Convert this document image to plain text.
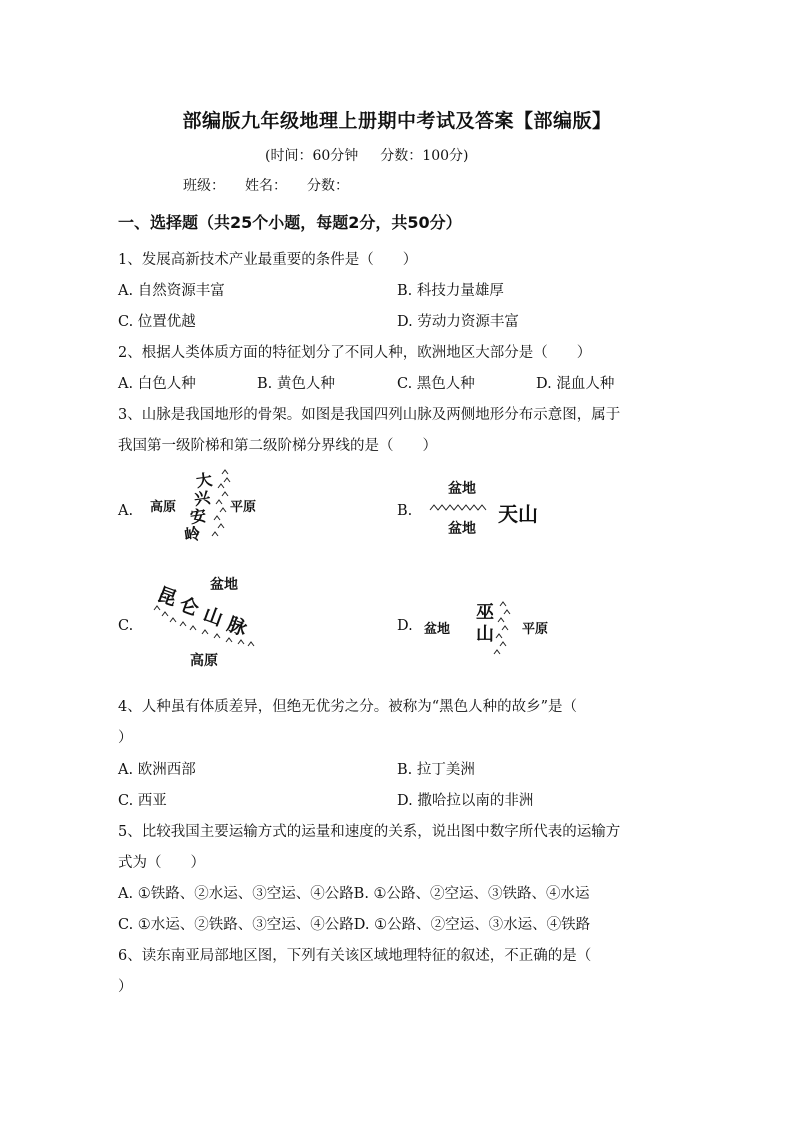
部编版九年级地理上册期中考试及答案【部编版】
(时间：60分钟 分数：100分)
班级： 姓名： 分数：
一、选择题（共25个小题，每题2分，共50分）
1、发展高新技术产业最重要的条件是（　　）
A. 自然资源丰富	B. 科技力量雄厚
C. 位置优越	D. 劳动力资源丰富
2、根据人类体质方面的特征划分了不同人种，欧洲地区大部分是（　　）
A. 白色人种	B. 黄色人种	C. 黑色人种	D. 混血人种
3、山脉是我国地形的骨架。如图是我国四列山脉及两侧地形分布示意图，属于
我国第一级阶梯和第二级阶梯分界线的是（　　）
A.	B.
C.	D.
高原	平原
大
兴
安
岭
盆地
盆地
天山
盆地
高原
昆
仑
山
脉	盆地	平原
巫
山
4、人种虽有体质差异，但绝无优劣之分。被称为“黑色人种的故乡”是（
）
A. 欧洲西部	B. 拉丁美洲
C. 西亚	D. 撒哈拉以南的非洲
5、比较我国主要运输方式的运量和速度的关系，说出图中数字所代表的运输方
式为（　　）
A. ①铁路、②水运、③空运、④公路B. ①公路、②空运、③铁路、④水运
C. ①水运、②铁路、③空运、④公路D. ①公路、②空运、③水运、④铁路
6、读东南亚局部地区图，下列有关该区域地理特征的叙述，不正确的是（
）
